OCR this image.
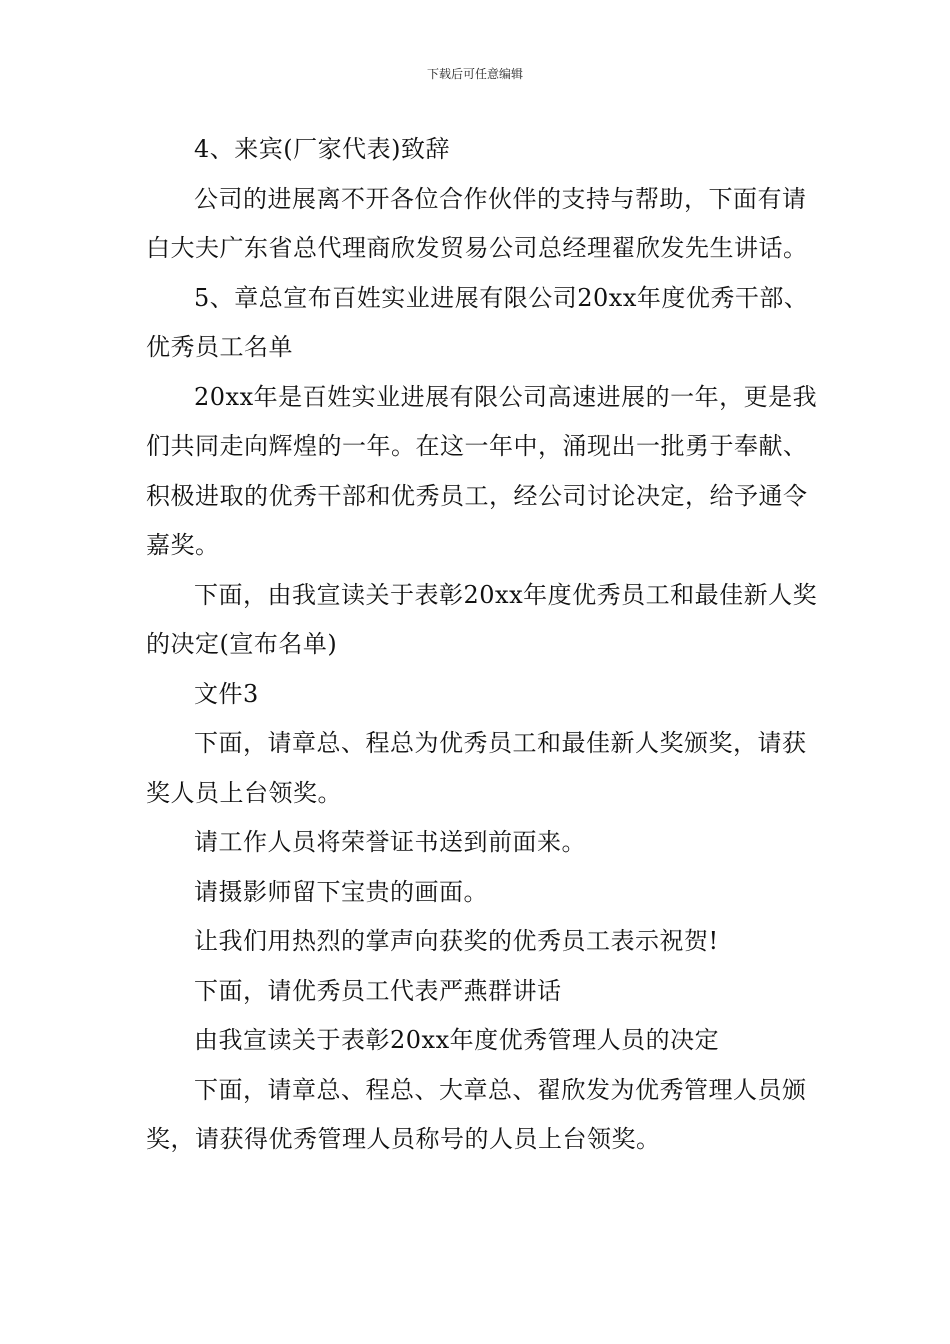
下载后可任意编辑

4、来宾(厂家代表)致辞

公司的进展离不开各位合作伙伴的支持与帮助，下面有请白大夫广东省总代理商欣发贸易公司总经理翟欣发先生讲话。

5、章总宣布百姓实业进展有限公司20xx年度优秀干部、优秀员工名单

20xx年是百姓实业进展有限公司高速进展的一年，更是我们共同走向辉煌的一年。在这一年中，涌现出一批勇于奉献、积极进取的优秀干部和优秀员工，经公司讨论决定，给予通令嘉奖。

下面，由我宣读关于表彰20xx年度优秀员工和最佳新人奖的决定(宣布名单)

文件3

下面，请章总、程总为优秀员工和最佳新人奖颁奖，请获奖人员上台领奖。

请工作人员将荣誉证书送到前面来。

请摄影师留下宝贵的画面。

让我们用热烈的掌声向获奖的优秀员工表示祝贺!

下面，请优秀员工代表严燕群讲话

由我宣读关于表彰20xx年度优秀管理人员的决定

下面，请章总、程总、大章总、翟欣发为优秀管理人员颁奖，请获得优秀管理人员称号的人员上台领奖。
